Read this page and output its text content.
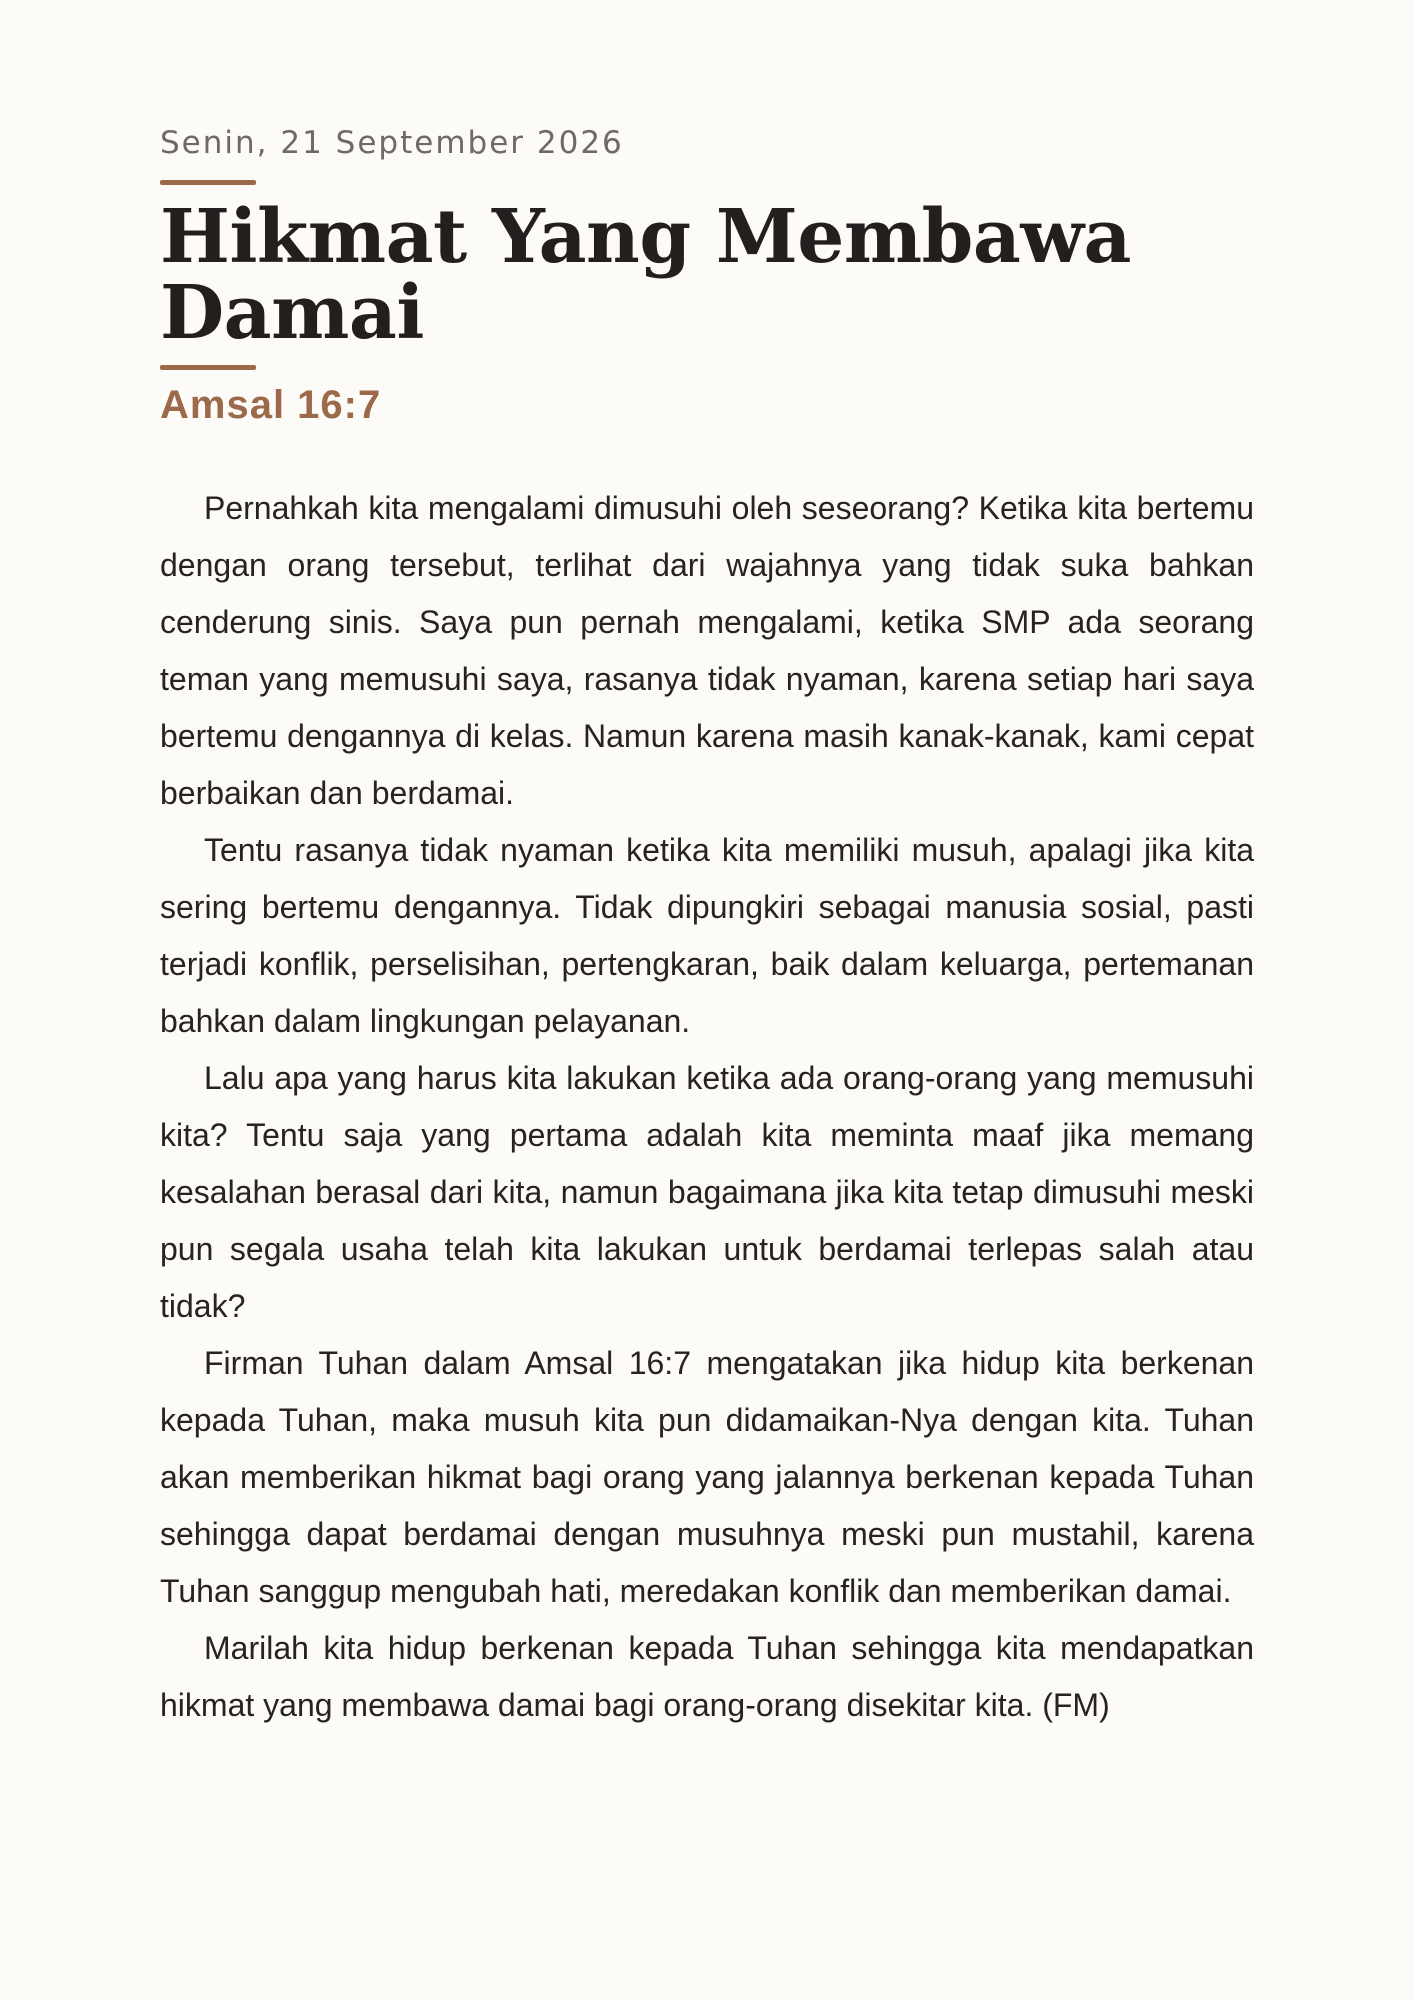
Senin, 21 September 2026

Hikmat Yang Membawa Damai

Amsal 16:7

Pernahkah kita mengalami dimusuhi oleh seseorang? Ketika kita bertemu dengan orang tersebut, terlihat dari wajahnya yang tidak suka bahkan cenderung sinis. Saya pun pernah mengalami, ketika SMP ada seorang teman yang memusuhi saya, rasanya tidak nyaman, karena setiap hari saya bertemu dengannya di kelas. Namun karena masih kanak-kanak, kami cepat berbaikan dan berdamai.

Tentu rasanya tidak nyaman ketika kita memiliki musuh, apalagi jika kita sering bertemu dengannya. Tidak dipungkiri sebagai manusia sosial, pasti terjadi konflik, perselisihan, pertengkaran, baik dalam keluarga, pertemanan bahkan dalam lingkungan pelayanan.

Lalu apa yang harus kita lakukan ketika ada orang-orang yang memusuhi kita? Tentu saja yang pertama adalah kita meminta maaf jika memang kesalahan berasal dari kita, namun bagaimana jika kita tetap dimusuhi meski pun segala usaha telah kita lakukan untuk berdamai terlepas salah atau tidak?

Firman Tuhan dalam Amsal 16:7 mengatakan jika hidup kita berkenan kepada Tuhan, maka musuh kita pun didamaikan-Nya dengan kita. Tuhan akan memberikan hikmat bagi orang yang jalannya berkenan kepada Tuhan sehingga dapat berdamai dengan musuhnya meski pun mustahil, karena Tuhan sanggup mengubah hati, meredakan konflik dan memberikan damai.

Marilah kita hidup berkenan kepada Tuhan sehingga kita mendapatkan hikmat yang membawa damai bagi orang-orang disekitar kita. (FM)
